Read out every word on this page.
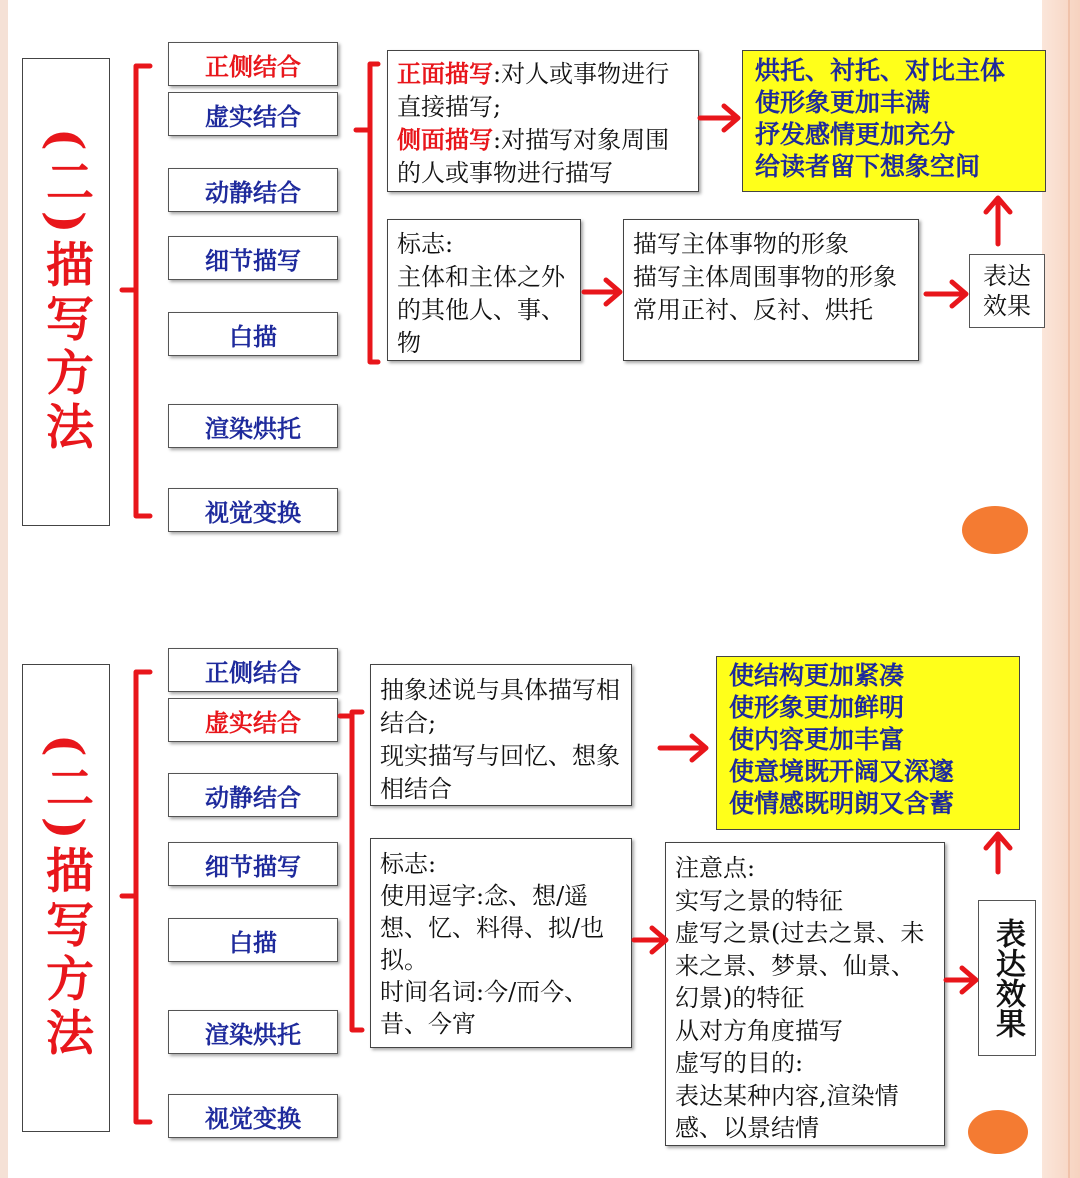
(二)描写方法
正侧结合
虚实结合
动静结合
细节描写
白描
渲染烘托
视觉变换
正面描写:对人或事物进行直接描写;
侧面描写:对描写对象周围的人或事物进行描写
标志:
主体和主体之外的其他人、事、物
描写主体事物的形象
描写主体周围事物的形象
常用正衬、反衬、烘托
烘托、衬托、对比主体
使形象更加丰满
抒发感情更加充分
给读者留下想象空间
表达效果
(二)描写方法
正侧结合
虚实结合
动静结合
细节描写
白描
渲染烘托
视觉变换
抽象述说与具体描写相结合;
现实描写与回忆、想象相结合
标志:
使用逗字:念、想/遥想、忆、料得、拟/也拟。
时间名词:今/而今、昔、今宵
注意点:
实写之景的特征
虚写之景(过去之景、未来之景、梦景、仙景、幻景)的特征
从对方角度描写
虚写的目的:
表达某种内容,渲染情感、以景结情
使结构更加紧凑
使形象更加鲜明
使内容更加丰富
使意境既开阔又深邃
使情感既明朗又含蓄
表达效果
